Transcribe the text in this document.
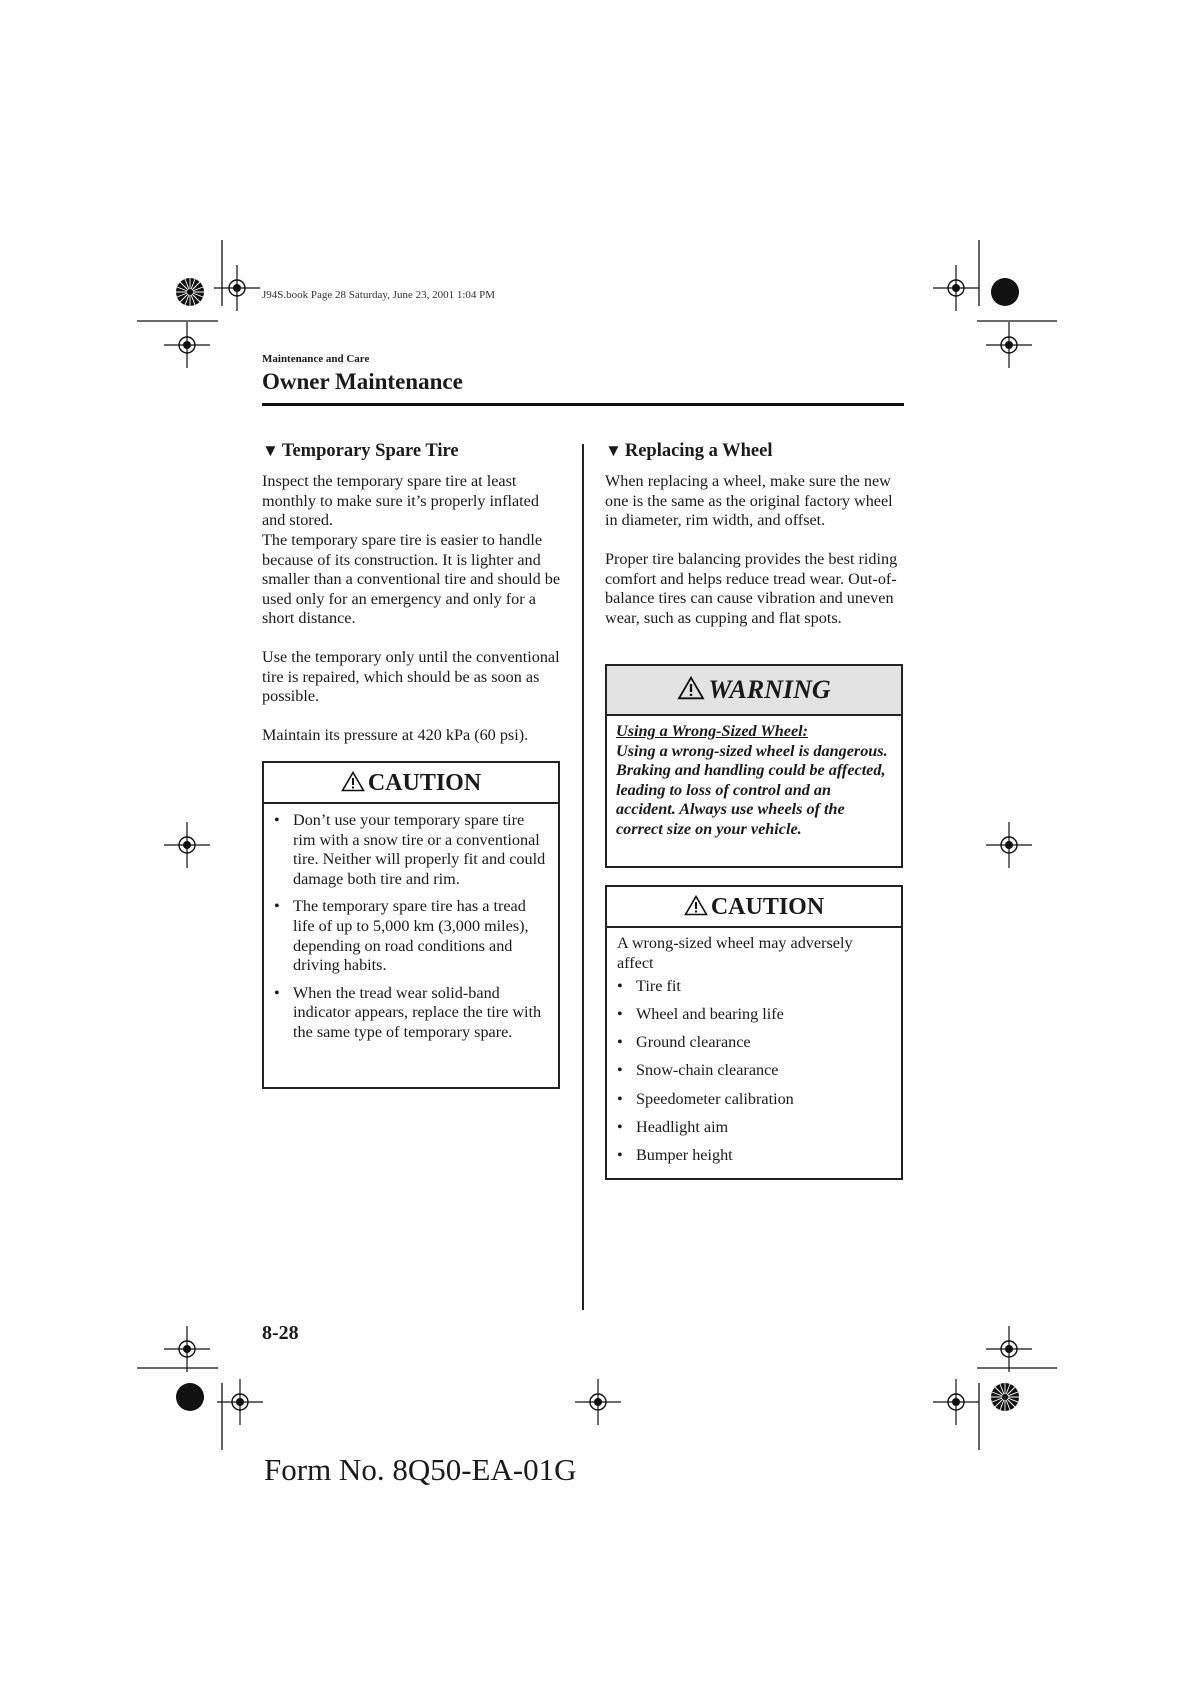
J94S.book Page 28 Saturday, June 23, 2001 1:04 PM
Maintenance and Care
Owner Maintenance
▼ Temporary Spare Tire
Inspect the temporary spare tire at least monthly to make sure it’s properly inflated and stored.
The temporary spare tire is easier to handle because of its construction. It is lighter and smaller than a conventional tire and should be used only for an emergency and only for a short distance.
Use the temporary only until the conventional tire is repaired, which should be as soon as possible.
Maintain its pressure at 420 kPa (60 psi).
CAUTION
• Don’t use your temporary spare tire rim with a snow tire or a conventional tire. Neither will properly fit and could damage both tire and rim.
• The temporary spare tire has a tread life of up to 5,000 km (3,000 miles), depending on road conditions and driving habits.
• When the tread wear solid-band indicator appears, replace the tire with the same type of temporary spare.
▼ Replacing a Wheel
When replacing a wheel, make sure the new one is the same as the original factory wheel in diameter, rim width, and offset.
Proper tire balancing provides the best riding comfort and helps reduce tread wear. Out-of-balance tires can cause vibration and uneven wear, such as cupping and flat spots.
WARNING
Using a Wrong-Sized Wheel:
Using a wrong-sized wheel is dangerous. Braking and handling could be affected, leading to loss of control and an accident. Always use wheels of the correct size on your vehicle.
CAUTION
A wrong-sized wheel may adversely affect
• Tire fit
• Wheel and bearing life
• Ground clearance
• Snow-chain clearance
• Speedometer calibration
• Headlight aim
• Bumper height
8-28
Form No. 8Q50-EA-01G
